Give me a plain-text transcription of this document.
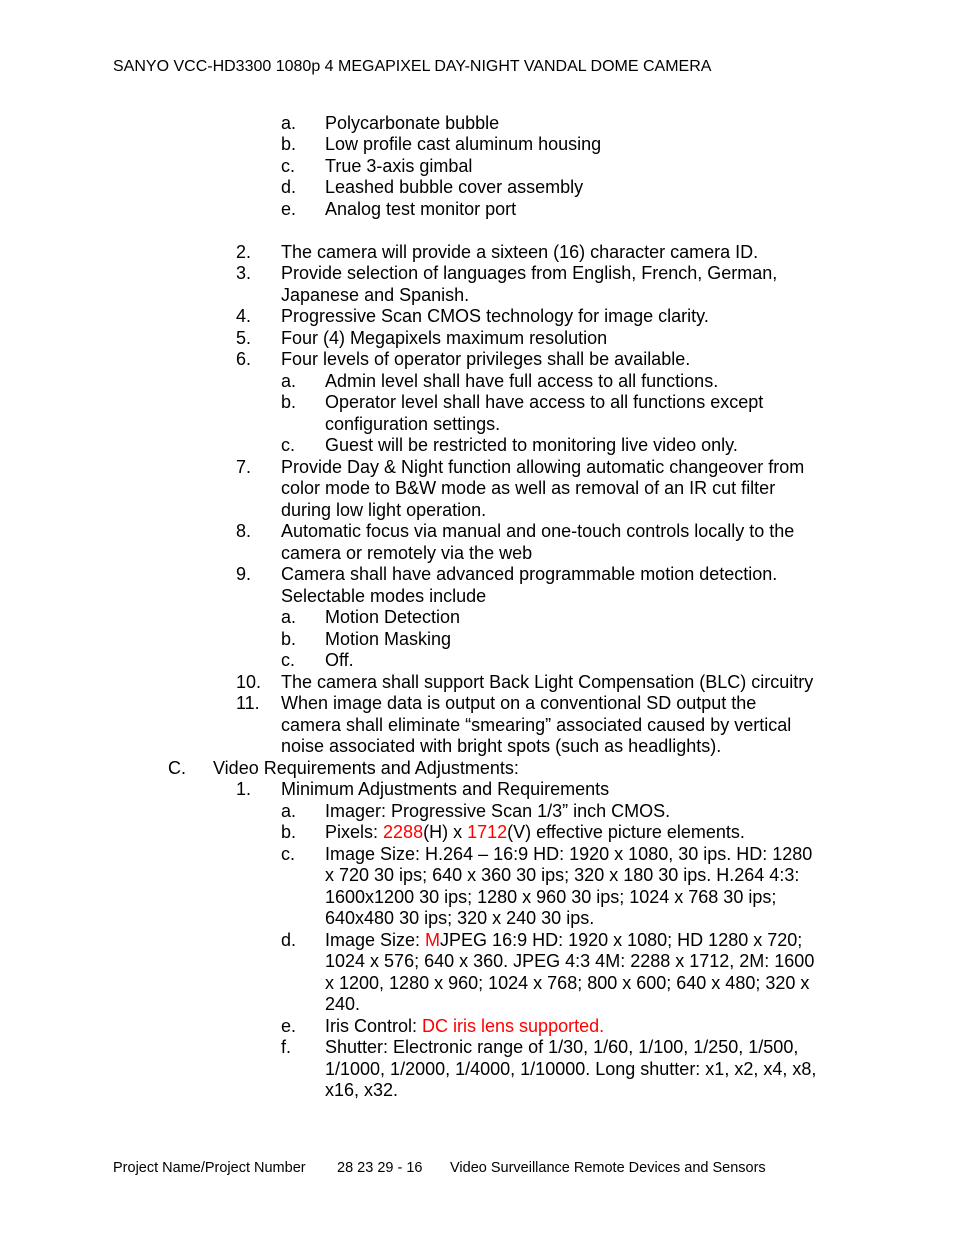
SANYO VCC-HD3300 1080p 4 MEGAPIXEL DAY-NIGHT VANDAL DOME CAMERA
a. Polycarbonate bubble
b. Low profile cast aluminum housing
c. True 3-axis gimbal
d. Leashed bubble cover assembly
e. Analog test monitor port
2. The camera will provide a sixteen (16) character camera ID.
3. Provide selection of languages from English, French, German,
Japanese and Spanish.
4. Progressive Scan CMOS technology for image clarity.
5. Four (4) Megapixels maximum resolution
6. Four levels of operator privileges shall be available.
a. Admin level shall have full access to all functions.
b. Operator level shall have access to all functions except
configuration settings.
c. Guest will be restricted to monitoring live video only.
7. Provide Day & Night function allowing automatic changeover from
color mode to B&W mode as well as removal of an IR cut filter
during low light operation.
8. Automatic focus via manual and one-touch controls locally to the
camera or remotely via the web
9. Camera shall have advanced programmable motion detection.
Selectable modes include
a. Motion Detection
b. Motion Masking
c. Off.
10. The camera shall support Back Light Compensation (BLC) circuitry
11. When image data is output on a conventional SD output the
camera shall eliminate “smearing” associated caused by vertical
noise associated with bright spots (such as headlights).
C. Video Requirements and Adjustments:
1. Minimum Adjustments and Requirements
a. Imager: Progressive Scan 1/3” inch CMOS.
b. Pixels: 2288(H) x 1712(V) effective picture elements.
c. Image Size: H.264 – 16:9 HD: 1920 x 1080, 30 ips. HD: 1280
x 720 30 ips; 640 x 360 30 ips; 320 x 180 30 ips. H.264 4:3:
1600x1200 30 ips; 1280 x 960 30 ips; 1024 x 768 30 ips;
640x480 30 ips; 320 x 240 30 ips.
d. Image Size: MJPEG 16:9 HD: 1920 x 1080; HD 1280 x 720;
1024 x 576; 640 x 360. JPEG 4:3 4M: 2288 x 1712, 2M: 1600
x 1200, 1280 x 960; 1024 x 768; 800 x 600; 640 x 480; 320 x
240.
e. Iris Control: DC iris lens supported.
f. Shutter: Electronic range of 1/30, 1/60, 1/100, 1/250, 1/500,
1/1000, 1/2000, 1/4000, 1/10000. Long shutter: x1, x2, x4, x8,
x16, x32.
Project Name/Project Number 28 23 29 - 16 Video Surveillance Remote Devices and Sensors
